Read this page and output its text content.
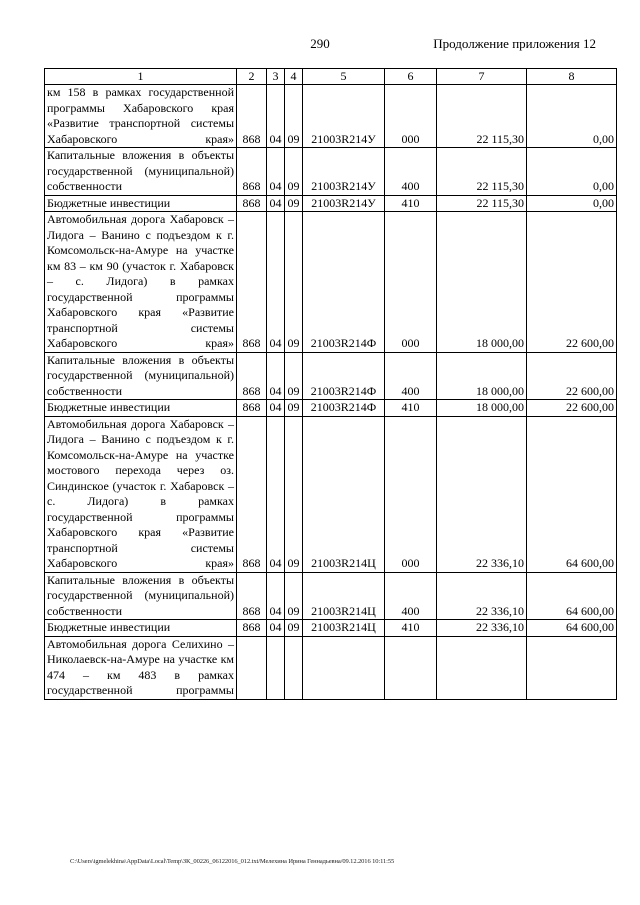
290	Продолжение приложения 12
1	2	3	4	5	6	7	8
км 158 в рамках государственной программы Хабаровского края «Развитие транспортной системы Хабаровского края»	868	04	09	21003R214У	000	22 115,30	0,00
Капитальные вложения в объекты государственной (муниципальной) собственности	868	04	09	21003R214У	400	22 115,30	0,00
Бюджетные инвестиции	868	04	09	21003R214У	410	22 115,30	0,00
Автомобильная дорога Хабаровск – Лидога – Ванино с подъездом к г. Комсомольск-на-Амуре на участке км 83 – км 90 (участок г. Хабаровск – с. Лидога) в рамках государственной программы Хабаровского края «Развитие транспортной системы Хабаровского края»	868	04	09	21003R214Ф	000	18 000,00	22 600,00
Капитальные вложения в объекты государственной (муниципальной) собственности	868	04	09	21003R214Ф	400	18 000,00	22 600,00
Бюджетные инвестиции	868	04	09	21003R214Ф	410	18 000,00	22 600,00
Автомобильная дорога Хабаровск – Лидога – Ванино с подъездом к г. Комсомольск-на-Амуре на участке мостового перехода через оз. Синдинское (участок г. Хабаровск – с. Лидога) в рамках государственной программы Хабаровского края «Развитие транспортной системы Хабаровского края»	868	04	09	21003R214Ц	000	22 336,10	64 600,00
Капитальные вложения в объекты государственной (муниципальной) собственности	868	04	09	21003R214Ц	400	22 336,10	64 600,00
Бюджетные инвестиции	868	04	09	21003R214Ц	410	22 336,10	64 600,00
Автомобильная дорога Селихино – Николаевск-на-Амуре на участке км 474 – км 483 в рамках государственной программы							
C:\Users\igmelekhina\AppData\Local\Temp\ЗК_00226_06122016_012.txt/Мелехина Ирина Геннадьевна/09.12.2016 10:11:55
